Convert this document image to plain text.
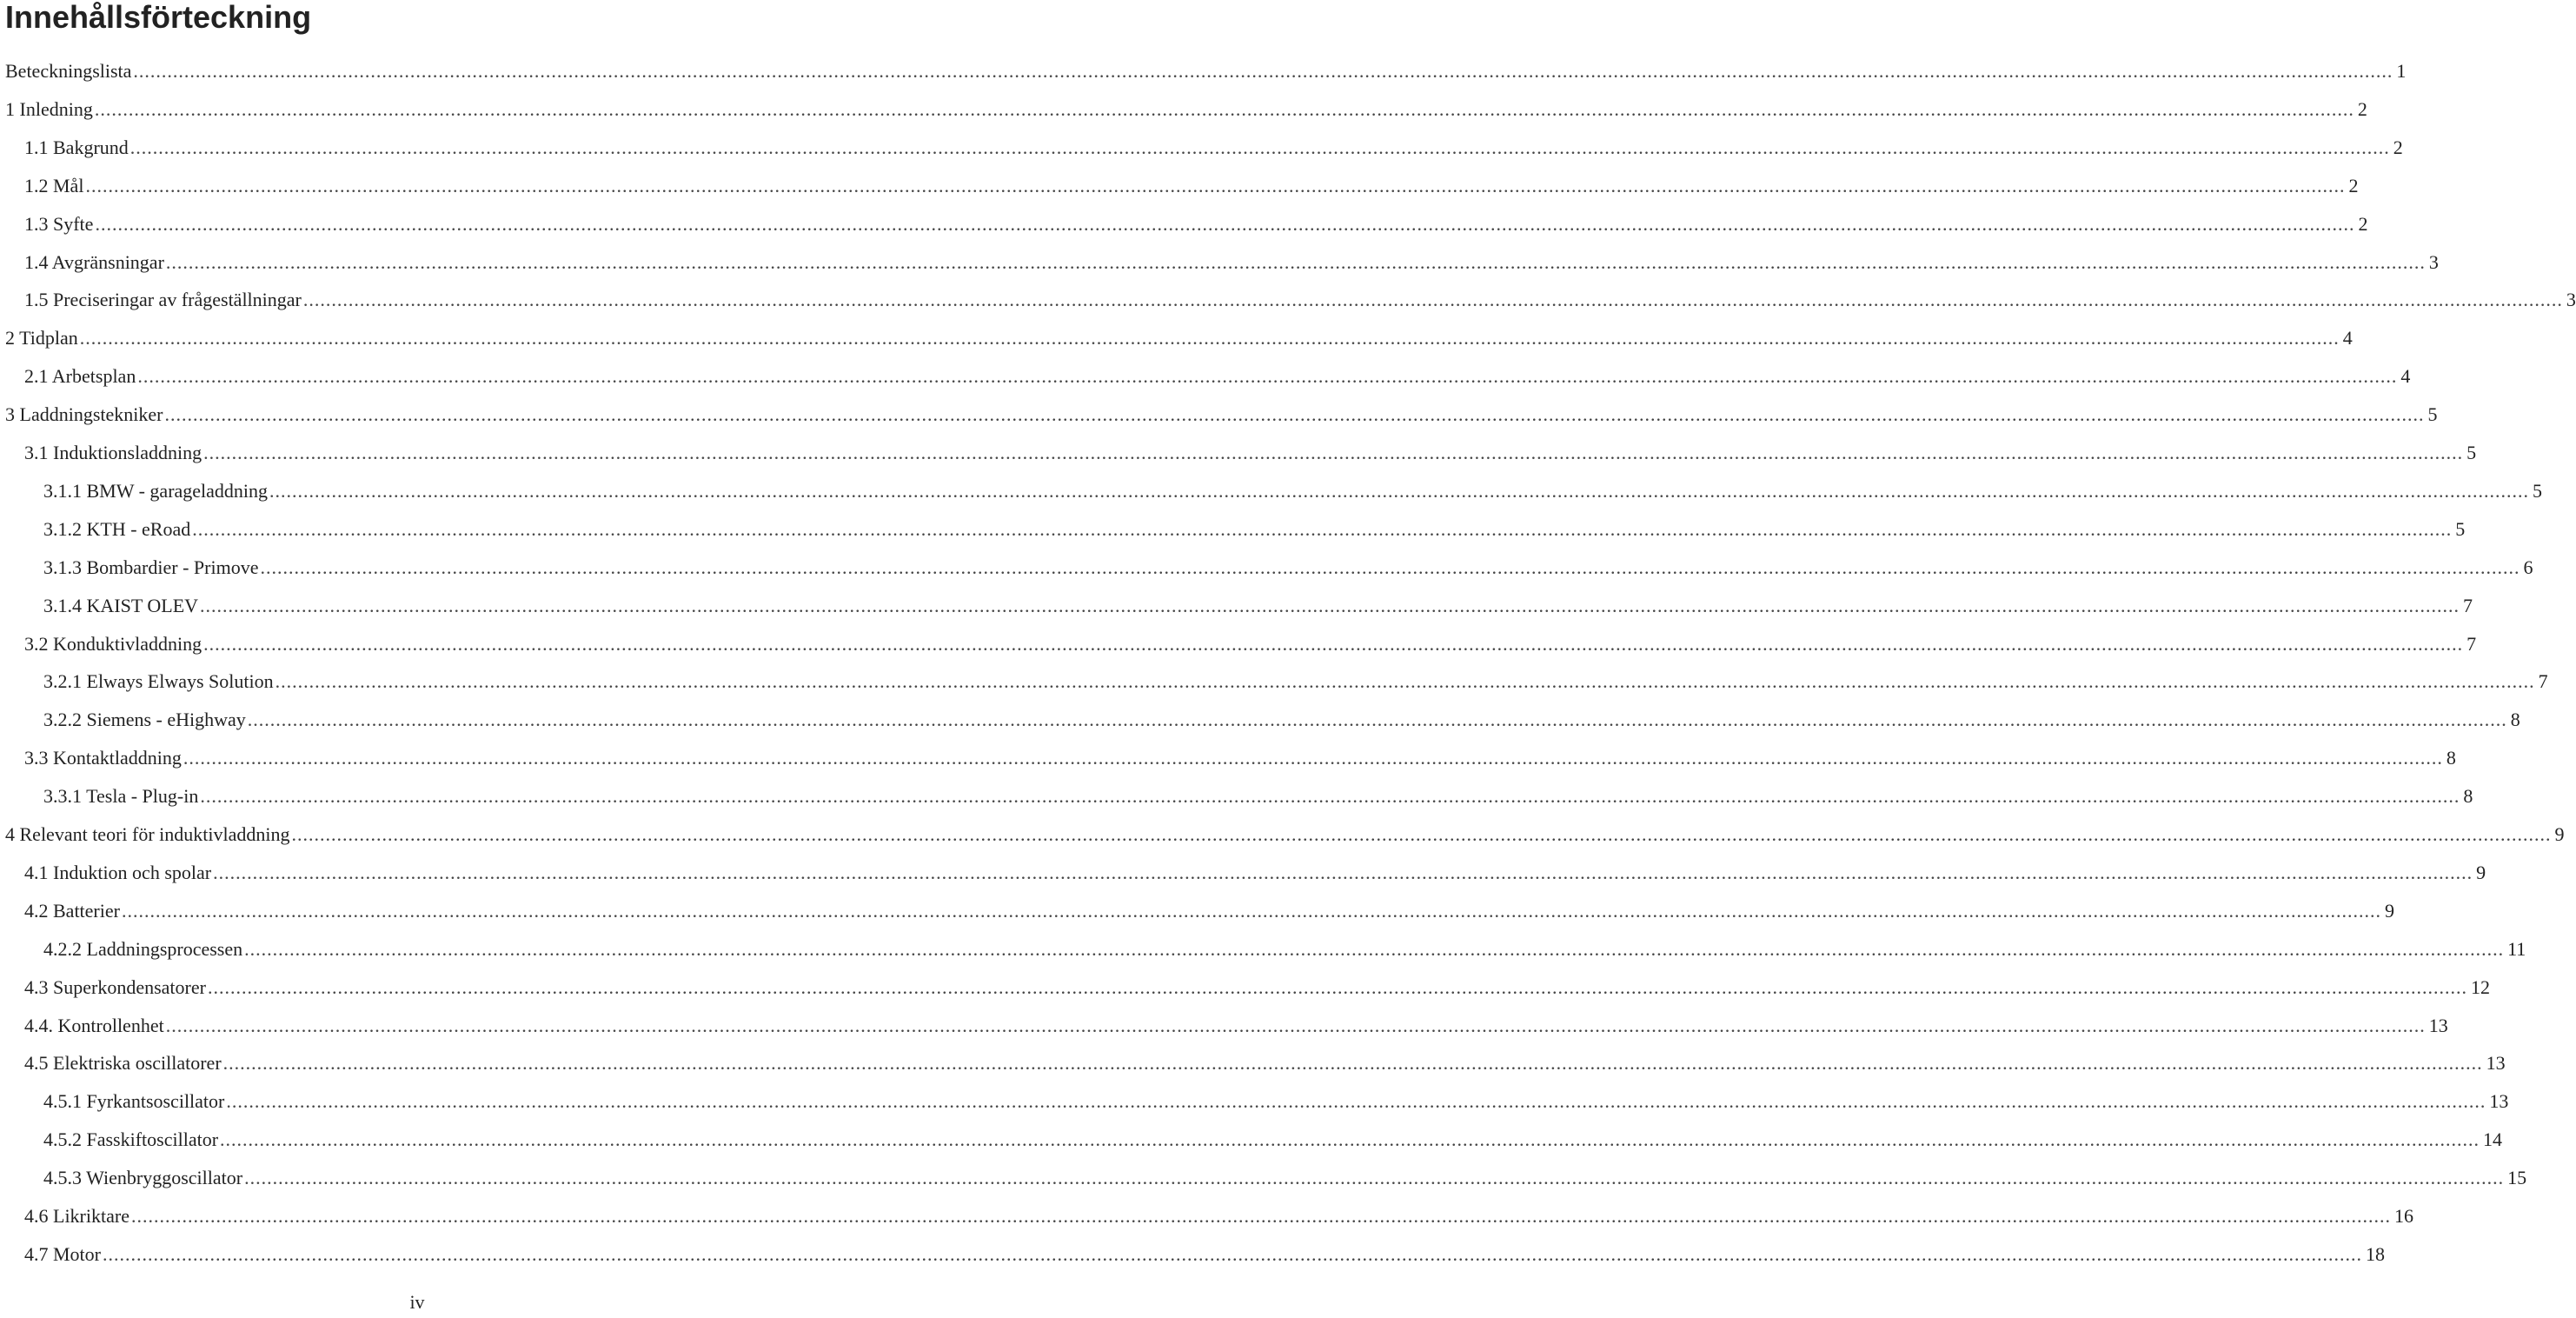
Innehållsförteckning
Beteckningslista ................................................................................................................................................................................................................................................................................................................................................................................................................ 1
1 Inledning ................................................................................................................................................................................................................................................................................................................................................................................................................ 2
1.1 Bakgrund ................................................................................................................................................................................................................................................................................................................................................................................................................ 2
1.2 Mål ................................................................................................................................................................................................................................................................................................................................................................................................................ 2
1.3 Syfte ................................................................................................................................................................................................................................................................................................................................................................................................................ 2
1.4 Avgränsningar ................................................................................................................................................................................................................................................................................................................................................................................................................ 3
1.5 Preciseringar av frågeställningar ................................................................................................................................................................................................................................................................................................................................................................................................................ 3
2 Tidplan ................................................................................................................................................................................................................................................................................................................................................................................................................ 4
2.1 Arbetsplan ................................................................................................................................................................................................................................................................................................................................................................................................................ 4
3 Laddningstekniker ................................................................................................................................................................................................................................................................................................................................................................................................................ 5
3.1 Induktionsladdning ................................................................................................................................................................................................................................................................................................................................................................................................................ 5
3.1.1 BMW - garageladdning ................................................................................................................................................................................................................................................................................................................................................................................................................ 5
3.1.2 KTH - eRoad ................................................................................................................................................................................................................................................................................................................................................................................................................ 5
3.1.3 Bombardier - Primove ................................................................................................................................................................................................................................................................................................................................................................................................................ 6
3.1.4 KAIST OLEV ................................................................................................................................................................................................................................................................................................................................................................................................................ 7
3.2 Konduktivladdning ................................................................................................................................................................................................................................................................................................................................................................................................................ 7
3.2.1 Elways Elways Solution ................................................................................................................................................................................................................................................................................................................................................................................................................ 7
3.2.2 Siemens - eHighway ................................................................................................................................................................................................................................................................................................................................................................................................................ 8
3.3 Kontaktladdning ................................................................................................................................................................................................................................................................................................................................................................................................................ 8
3.3.1 Tesla - Plug-in ................................................................................................................................................................................................................................................................................................................................................................................................................ 8
4 Relevant teori för induktivladdning ................................................................................................................................................................................................................................................................................................................................................................................................................ 9
4.1 Induktion och spolar ................................................................................................................................................................................................................................................................................................................................................................................................................ 9
4.2 Batterier ................................................................................................................................................................................................................................................................................................................................................................................................................ 9
4.2.2 Laddningsprocessen ................................................................................................................................................................................................................................................................................................................................................................................................................ 11
4.3 Superkondensatorer ................................................................................................................................................................................................................................................................................................................................................................................................................ 12
4.4. Kontrollenhet ................................................................................................................................................................................................................................................................................................................................................................................................................ 13
4.5 Elektriska oscillatorer ................................................................................................................................................................................................................................................................................................................................................................................................................ 13
4.5.1 Fyrkantsoscillator ................................................................................................................................................................................................................................................................................................................................................................................................................ 13
4.5.2 Fasskiftoscillator ................................................................................................................................................................................................................................................................................................................................................................................................................ 14
4.5.3 Wienbryggoscillator ................................................................................................................................................................................................................................................................................................................................................................................................................ 15
4.6 Likriktare ................................................................................................................................................................................................................................................................................................................................................................................................................ 16
4.7 Motor ................................................................................................................................................................................................................................................................................................................................................................................................................ 18
iv
